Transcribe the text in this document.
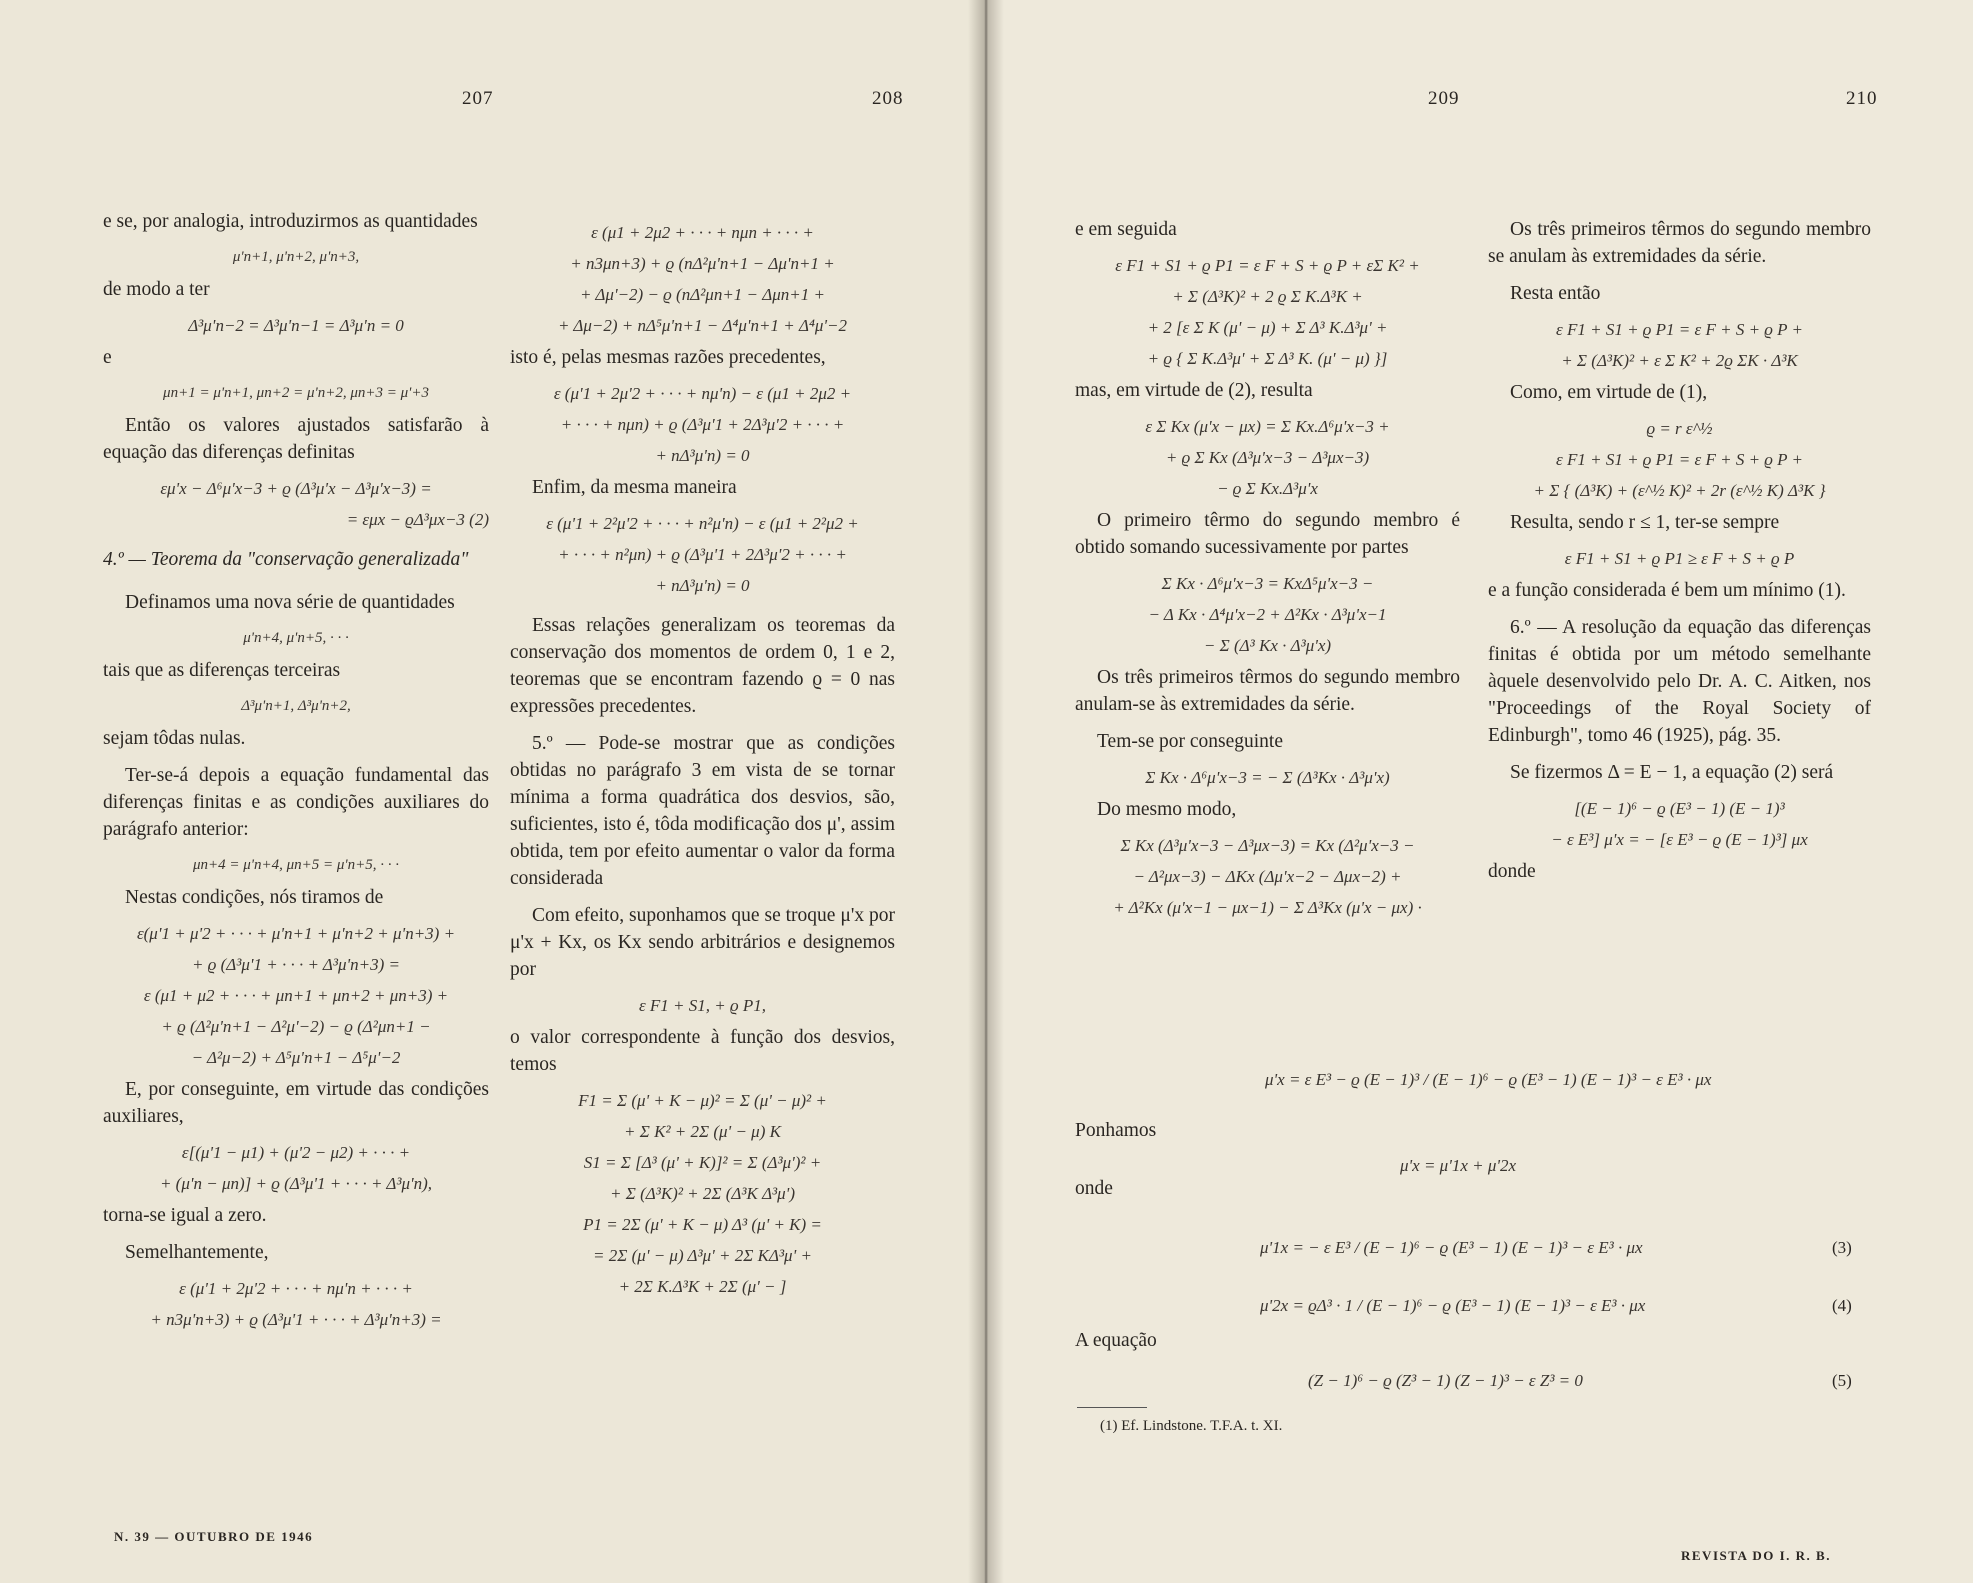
207	208	209	210

e se, por analogia, introduzirmos as quantidades

μ'n+1, μ'n+2, μ'n+3,

de modo a ter

Δ³μ'n−2 = Δ³μ'n−1 = Δ³μ'n = 0

e

μn+1 = μ'n+1, μn+2 = μ'n+2, μn+3 = μ'+3

Então os valores ajustados satisfarão à equação das diferenças definitas

εμ'x − Δ⁶μ'x−3 + ϱ (Δ³μ'x − Δ³μ'x−3) =
= εμx − ϱΔ³μx−3 (2)

4.º — Teorema da "conservação generalizada"

Definamos uma nova série de quantidades

μ'n+4, μ'n+5, · · ·

tais que as diferenças terceiras

Δ³μ'n+1, Δ³μ'n+2,

sejam tôdas nulas.

Ter-se-á depois a equação fundamental das diferenças finitas e as condições auxiliares do parágrafo anterior:

μn+4 = μ'n+4, μn+5 = μ'n+5, · · ·

Nestas condições, nós tiramos de

ε(μ'1 + μ'2 + · · · + μ'n+1 + μ'n+2 + μ'n+3) +
+ ϱ (Δ³μ'1 + · · · + Δ³μ'n+3) =
ε (μ1 + μ2 + · · · + μn+1 + μn+2 + μn+3) +
+ ϱ (Δ²μ'n+1 − Δ²μ'−2) − ϱ (Δ²μn+1 −
− Δ²μ−2) + Δ⁵μ'n+1 − Δ⁵μ'−2

E, por conseguinte, em virtude das condições auxiliares,

ε[(μ'1 − μ1) + (μ'2 − μ2) + · · · +
+ (μ'n − μn)] + ϱ (Δ³μ'1 + · · · + Δ³μ'n),

torna-se igual a zero.

Semelhantemente,

ε (μ'1 + 2μ'2 + · · · + nμ'n + · · · +
+ n3μ'n+3) + ϱ (Δ³μ'1 + · · · + Δ³μ'n+3) =
ε (μ1 + 2μ2 + · · · + nμn + · · · +
+ n3μn+3) + ϱ (nΔ²μ'n+1 − Δμ'n+1 +
+ Δμ'−2) − ϱ (nΔ²μn+1 − Δμn+1 +
+ Δμ−2) + nΔ⁵μ'n+1 − Δ⁴μ'n+1 + Δ⁴μ'−2

isto é, pelas mesmas razões precedentes,

ε (μ'1 + 2μ'2 + · · · + nμ'n) − ε (μ1 + 2μ2 +
+ · · · + nμn) + ϱ (Δ³μ'1 + 2Δ³μ'2 + · · · +
+ nΔ³μ'n) = 0

Enfim, da mesma maneira

ε (μ'1 + 2²μ'2 + · · · + n²μ'n) − ε (μ1 + 2²μ2 +
+ · · · + n²μn) + ϱ (Δ³μ'1 + 2Δ³μ'2 + · · · +
+ nΔ³μ'n) = 0

Essas relações generalizam os teoremas da conservação dos momentos de ordem 0, 1 e 2, teoremas que se encontram fazendo ϱ = 0 nas expressões precedentes.

5.º — Pode-se mostrar que as condições obtidas no parágrafo 3 em vista de se tornar mínima a forma quadrática dos desvios, são, suficientes, isto é, tôda modificação dos μ', assim obtida, tem por efeito aumentar o valor da forma considerada

Com efeito, suponhamos que se troque μ'x por μ'x + Kx, os Kx sendo arbitrários e designemos por

ε F1 + S1, + ϱ P1,

o valor correspondente à função dos desvios, temos

F1 = Σ (μ' + K − μ)² = Σ (μ' − μ)² +
+ Σ K² + 2Σ (μ' − μ) K
S1 = Σ [Δ³ (μ' + K)]² = Σ (Δ³μ')² +
+ Σ (Δ³K)² + 2Σ (Δ³K Δ³μ')
P1 = 2Σ (μ' + K − μ) Δ³ (μ' + K) =
= 2Σ (μ' − μ) Δ³μ' + 2Σ KΔ³μ' +
+ 2Σ K.Δ³K + 2Σ (μ' − ]

e em seguida

ε F1 + S1 + ϱ P1 = ε F + S + ϱ P + εΣ K² +
+ Σ (Δ³K)² + 2 ϱ Σ K.Δ³K +
+ 2 [ε Σ K (μ' − μ) + Σ Δ³ K.Δ³μ' +
+ ϱ { Σ K.Δ³μ' + Σ Δ³ K. (μ' − μ) }]

mas, em virtude de (2), resulta

ε Σ Kx (μ'x − μx) = Σ Kx.Δ⁶μ'x−3 +
+ ϱ Σ Kx (Δ³μ'x−3 − Δ³μx−3)
− ϱ Σ Kx.Δ³μ'x

O primeiro têrmo do segundo membro é obtido somando sucessivamente por partes

Σ Kx · Δ⁶μ'x−3 = KxΔ⁵μ'x−3 −
− Δ Kx · Δ⁴μ'x−2 + Δ²Kx · Δ³μ'x−1
− Σ (Δ³ Kx · Δ³μ'x)

Os três primeiros têrmos do segundo membro anulam-se às extremidades da série.

Tem-se por conseguinte

Σ Kx · Δ⁶μ'x−3 = − Σ (Δ³Kx · Δ³μ'x)

Do mesmo modo,

Σ Kx (Δ³μ'x−3 − Δ³μx−3) = Kx (Δ²μ'x−3 −
− Δ²μx−3) − ΔKx (Δμ'x−2 − Δμx−2) +
+ Δ²Kx (μ'x−1 − μx−1) − Σ Δ³Kx (μ'x − μx) ·

Os três primeiros têrmos do segundo membro se anulam às extremidades da série.

Resta então

ε F1 + S1 + ϱ P1 = ε F + S + ϱ P +
+ Σ (Δ³K)² + ε Σ K² + 2ϱ ΣK · Δ³K

Como, em virtude de (1),

ϱ = r ε^½
ε F1 + S1 + ϱ P1 = ε F + S + ϱ P +
+ Σ { (Δ³K) + (ε^½ K)² + 2r (ε^½ K) Δ³K }

Resulta, sendo r ≤ 1, ter-se sempre

ε F1 + S1 + ϱ P1 ≥ ε F + S + ϱ P

e a função considerada é bem um mínimo (1).

6.º — A resolução da equação das diferenças finitas é obtida por um método semelhante àquele desenvolvido pelo Dr. A. C. Aitken, nos "Proceedings of the Royal Society of Edinburgh", tomo 46 (1925), pág. 35.

Se fizermos Δ = E − 1, a equação (2) será

[(E − 1)⁶ − ϱ (E³ − 1) (E − 1)³
− ε E³] μ'x = − [ε E³ − ϱ (E − 1)³] μx

donde

μ'x = ε E³ − ϱ (E − 1)³ / (E − 1)⁶ − ϱ (E³ − 1) (E − 1)³ − ε E³ · μx
Ponhamos
μ'x = μ'1x + μ'2x
onde
μ'1x = − ε E³ / (E − 1)⁶ − ϱ (E³ − 1) (E − 1)³ − ε E³ · μx	(3)
μ'2x = ϱΔ³ · 1 / (E − 1)⁶ − ϱ (E³ − 1) (E − 1)³ − ε E³ · μx	(4)
A equação
(Z − 1)⁶ − ϱ (Z³ − 1) (Z − 1)³ − ε Z³ = 0	(5)
(1) Ef. Lindstone. T.F.A. t. XI.
N. 39 — OUTUBRO DE 1946
REVISTA DO I. R. B.
